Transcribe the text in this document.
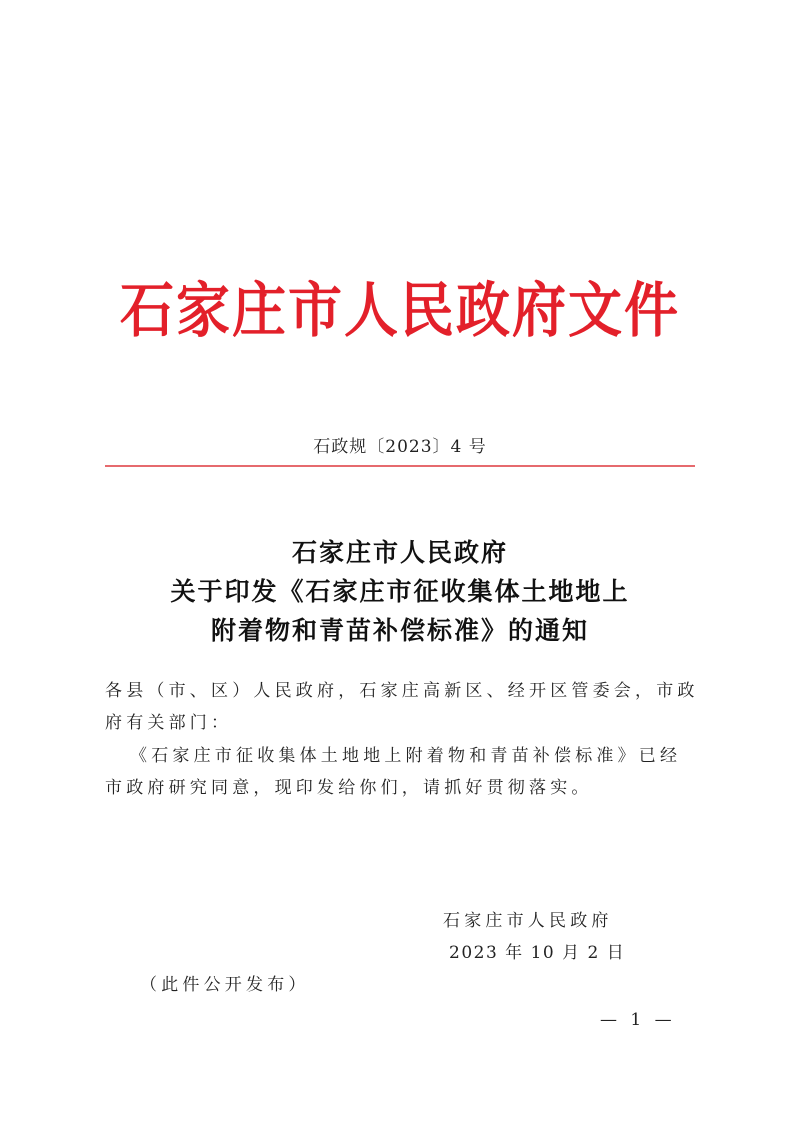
石家庄市人民政府文件
石政规〔2023〕4 号
石家庄市人民政府
关于印发《石家庄市征收集体土地地上
附着物和青苗补偿标准》的通知
各县（市、区）人民政府，石家庄高新区、经开区管委会，市政
府有关部门：
《石家庄市征收集体土地地上附着物和青苗补偿标准》已经
市政府研究同意，现印发给你们，请抓好贯彻落实。
石家庄市人民政府
2023 年 10 月 2 日
（此件公开发布）
— 1 —
